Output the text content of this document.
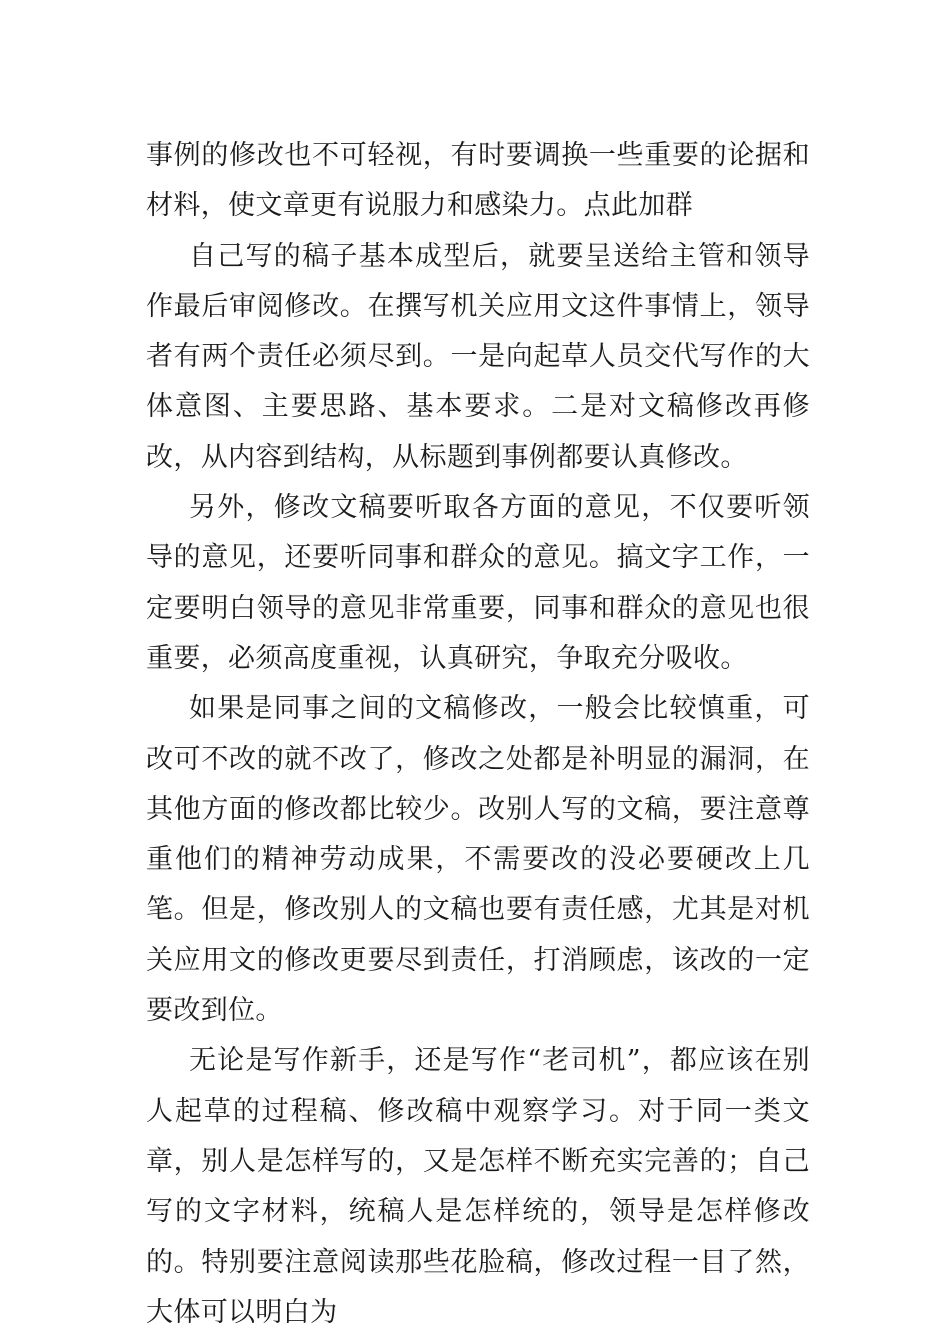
事例的修改也不可轻视，有时要调换一些重要的论据和材料，使文章更有说服力和感染力。点此加群

自己写的稿子基本成型后，就要呈送给主管和领导作最后审阅修改。在撰写机关应用文这件事情上，领导者有两个责任必须尽到。一是向起草人员交代写作的大体意图、主要思路、基本要求。二是对文稿修改再修改，从内容到结构，从标题到事例都要认真修改。

另外，修改文稿要听取各方面的意见，不仅要听领导的意见，还要听同事和群众的意见。搞文字工作，一定要明白领导的意见非常重要，同事和群众的意见也很重要，必须高度重视，认真研究，争取充分吸收。

如果是同事之间的文稿修改，一般会比较慎重，可改可不改的就不改了，修改之处都是补明显的漏洞，在其他方面的修改都比较少。改别人写的文稿，要注意尊重他们的精神劳动成果，不需要改的没必要硬改上几笔。但是，修改别人的文稿也要有责任感，尤其是对机关应用文的修改更要尽到责任，打消顾虑，该改的一定要改到位。

无论是写作新手，还是写作“老司机”，都应该在别人起草的过程稿、修改稿中观察学习。对于同一类文章，别人是怎样写的，又是怎样不断充实完善的；自己写的文字材料，统稿人是怎样统的，领导是怎样修改的。特别要注意阅读那些花脸稿，修改过程一目了然，大体可以明白为
